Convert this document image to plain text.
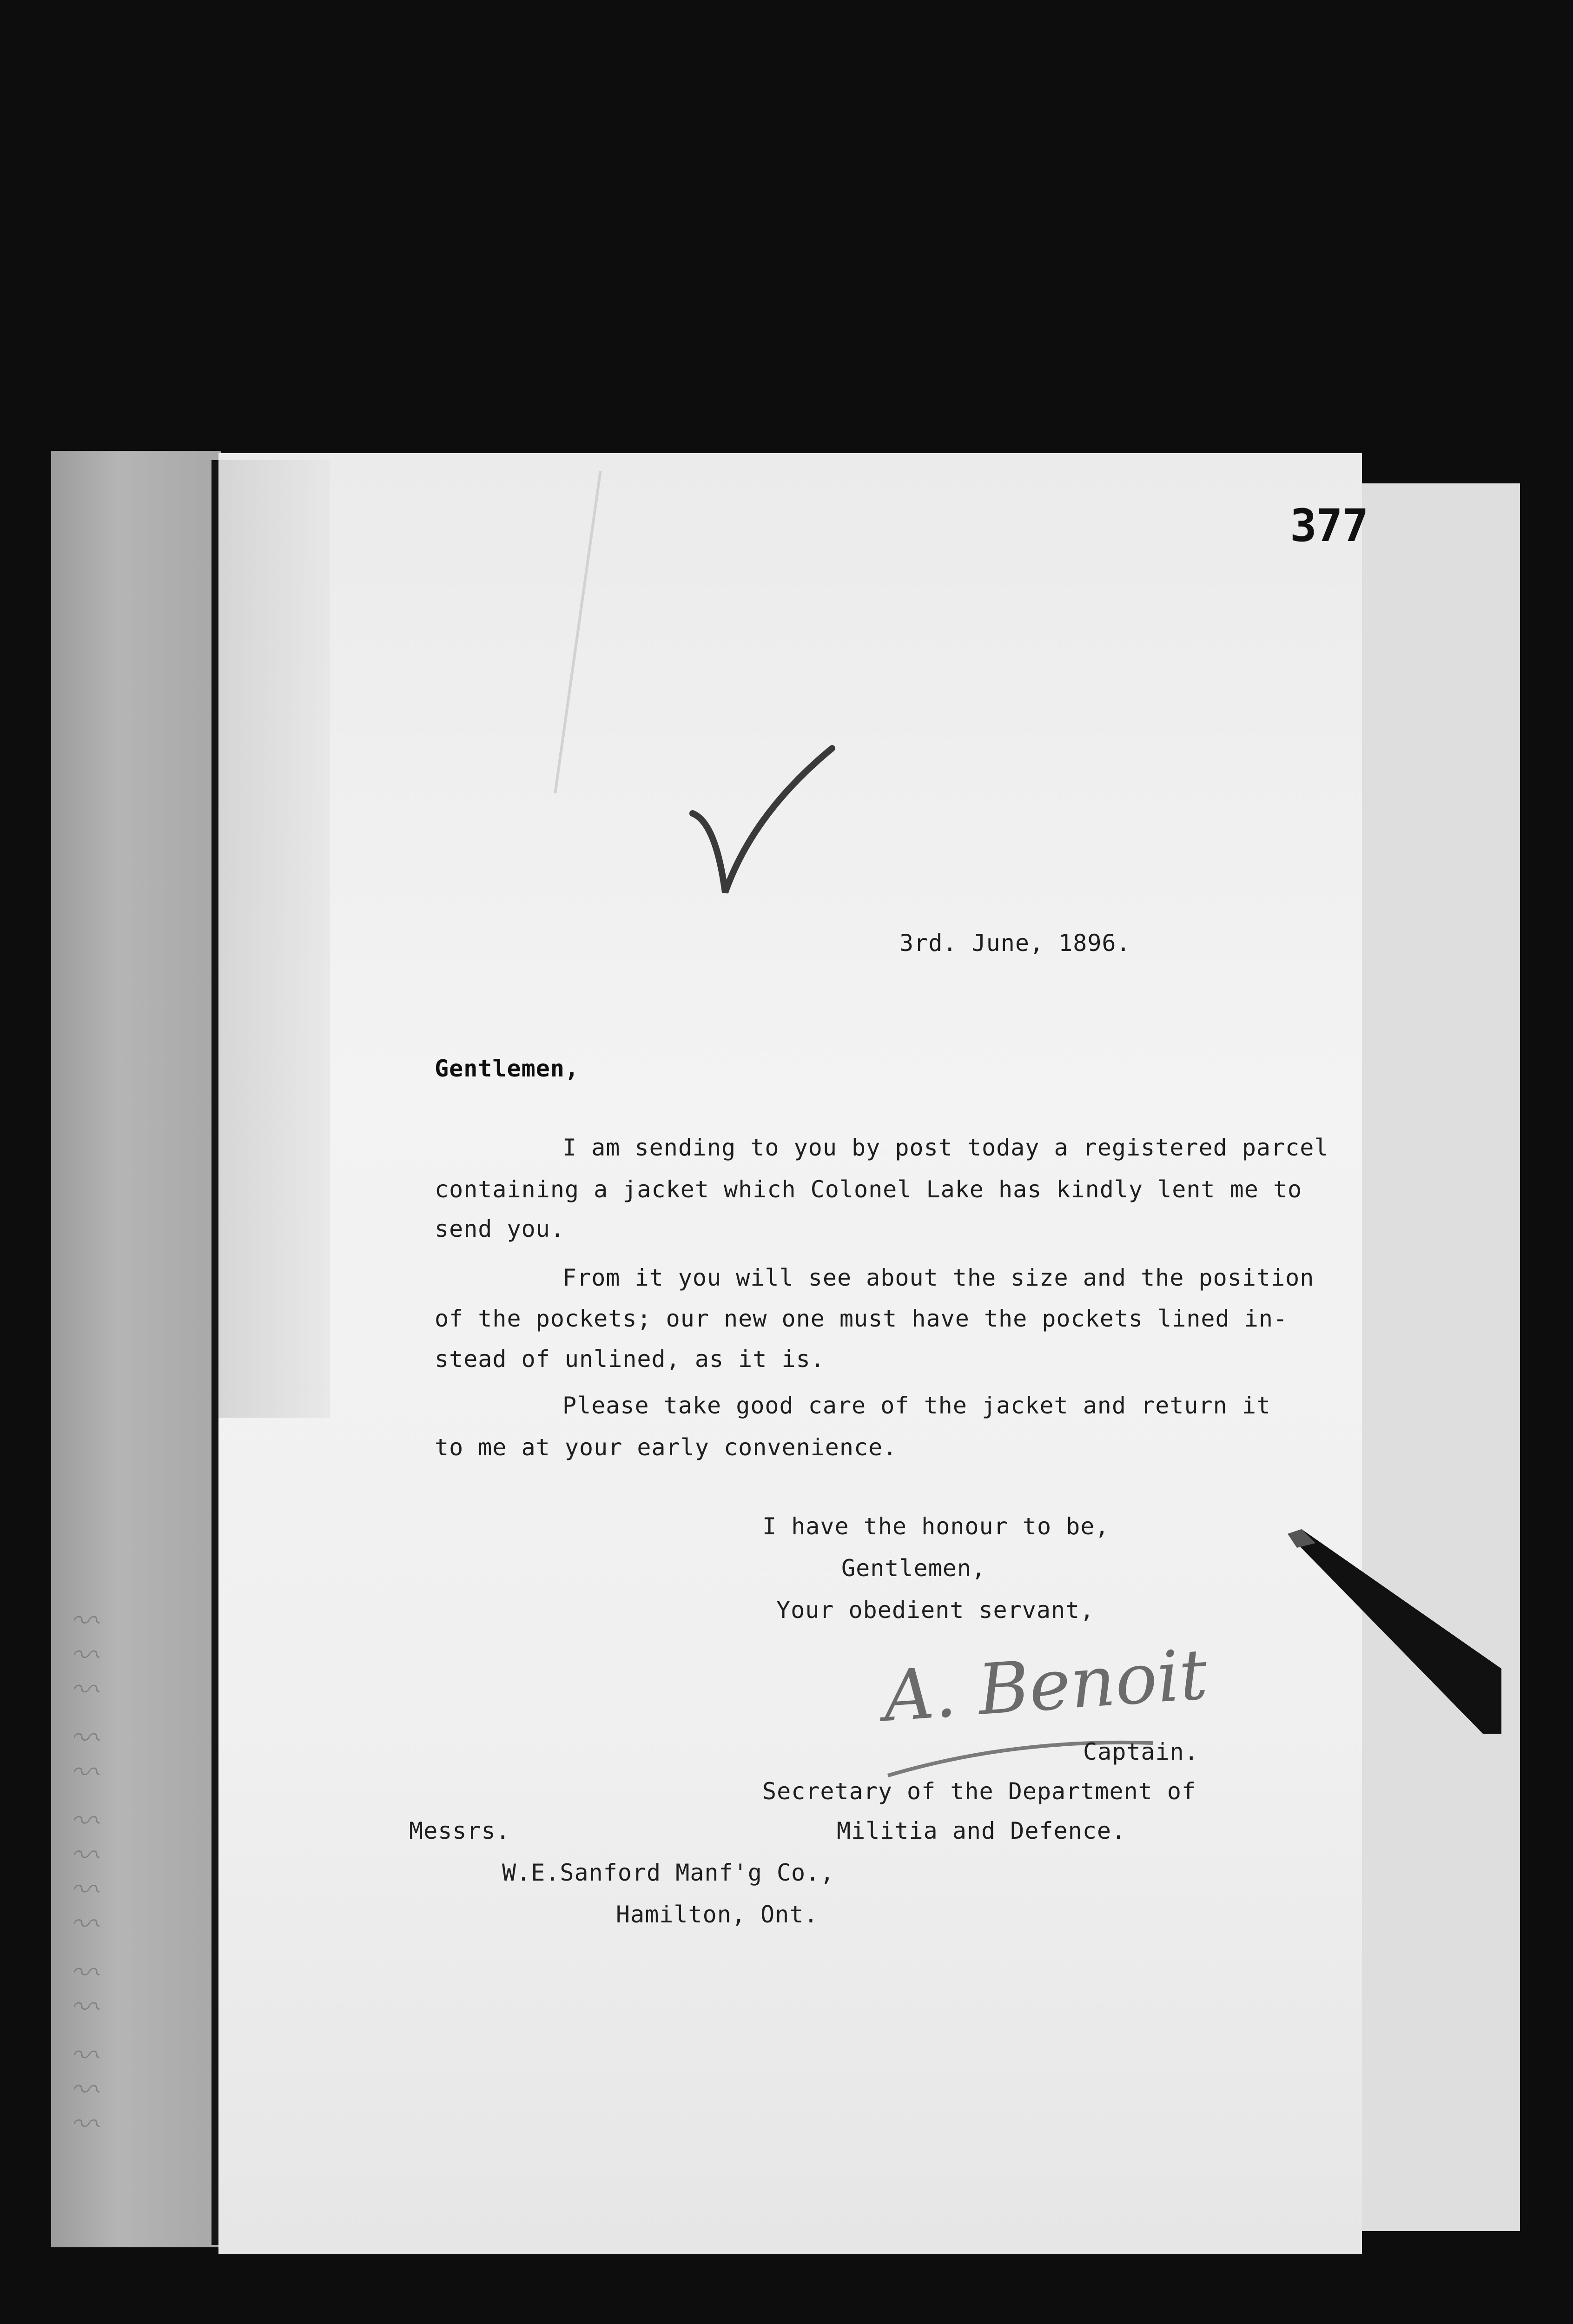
〰〰〰 〰〰 〰〰〰〰 〰〰 〰〰〰
377
3rd. June, 1896.
Gentlemen,
I am sending to you by post today a registered parcel
containing a jacket which Colonel Lake has kindly lent me to
send you.
From it you will see about the size and the position
of the pockets; our new one must have the pockets lined in-
stead of unlined, as it is.
Please take good care of the jacket and return it
to me at your early convenience.
I have the honour to be,
Gentlemen,
Your obedient servant,
A. Benoit
Captain.
Secretary of the Department of
Militia and Defence.
Messrs.
W.E.Sanford Manf'g Co.,
Hamilton, Ont.
